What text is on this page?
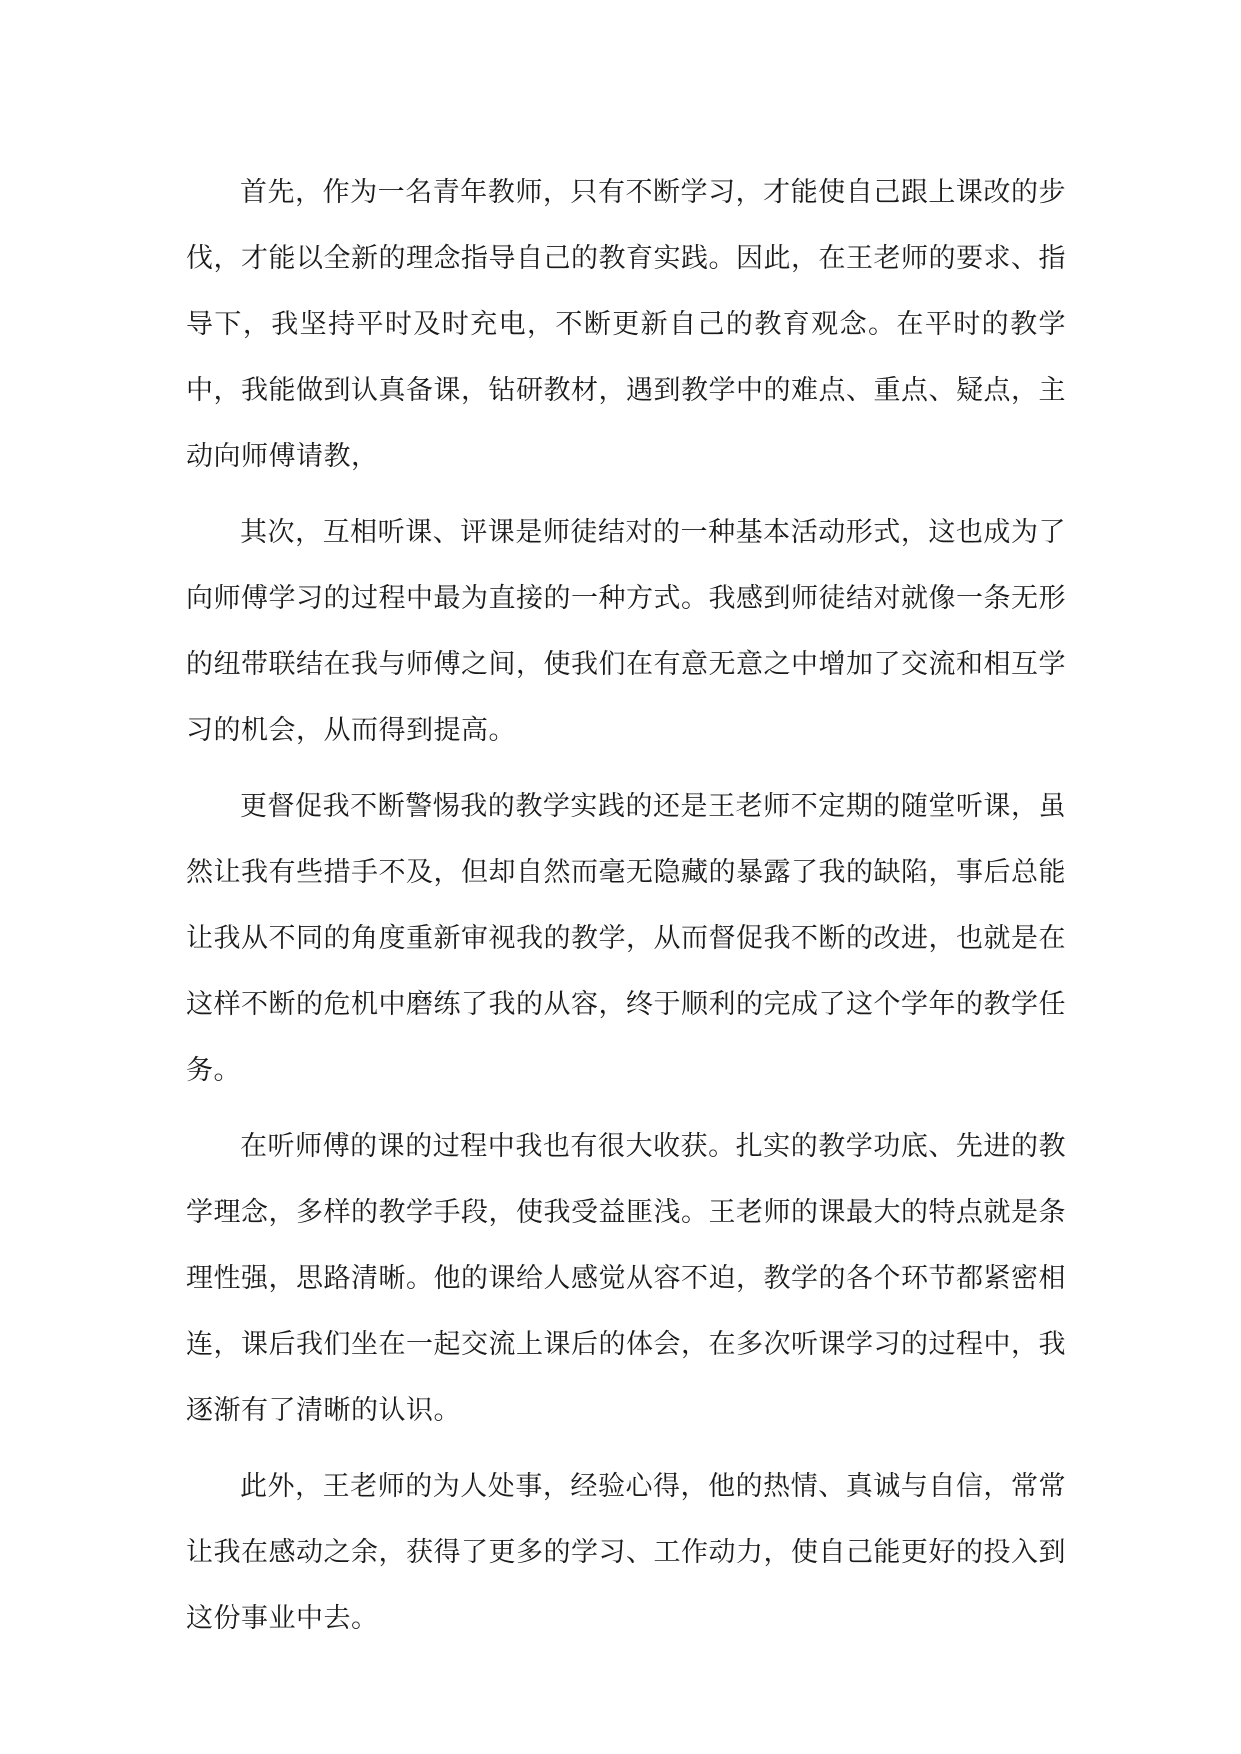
首先，作为一名青年教师，只有不断学习，才能使自己跟上课改的步伐，才能以全新的理念指导自己的教育实践。因此，在王老师的要求、指导下，我坚持平时及时充电，不断更新自己的教育观念。在平时的教学中，我能做到认真备课，钻研教材，遇到教学中的难点、重点、疑点，主动向师傅请教，

其次，互相听课、评课是师徒结对的一种基本活动形式，这也成为了向师傅学习的过程中最为直接的一种方式。我感到师徒结对就像一条无形的纽带联结在我与师傅之间，使我们在有意无意之中增加了交流和相互学习的机会，从而得到提高。

更督促我不断警惕我的教学实践的还是王老师不定期的随堂听课，虽然让我有些措手不及，但却自然而毫无隐藏的暴露了我的缺陷，事后总能让我从不同的角度重新审视我的教学，从而督促我不断的改进，也就是在这样不断的危机中磨练了我的从容，终于顺利的完成了这个学年的教学任务。

在听师傅的课的过程中我也有很大收获。扎实的教学功底、先进的教学理念，多样的教学手段，使我受益匪浅。王老师的课最大的特点就是条理性强，思路清晰。他的课给人感觉从容不迫，教学的各个环节都紧密相连，课后我们坐在一起交流上课后的体会，在多次听课学习的过程中，我逐渐有了清晰的认识。

此外，王老师的为人处事，经验心得，他的热情、真诚与自信，常常让我在感动之余，获得了更多的学习、工作动力，使自己能更好的投入到这份事业中去。
